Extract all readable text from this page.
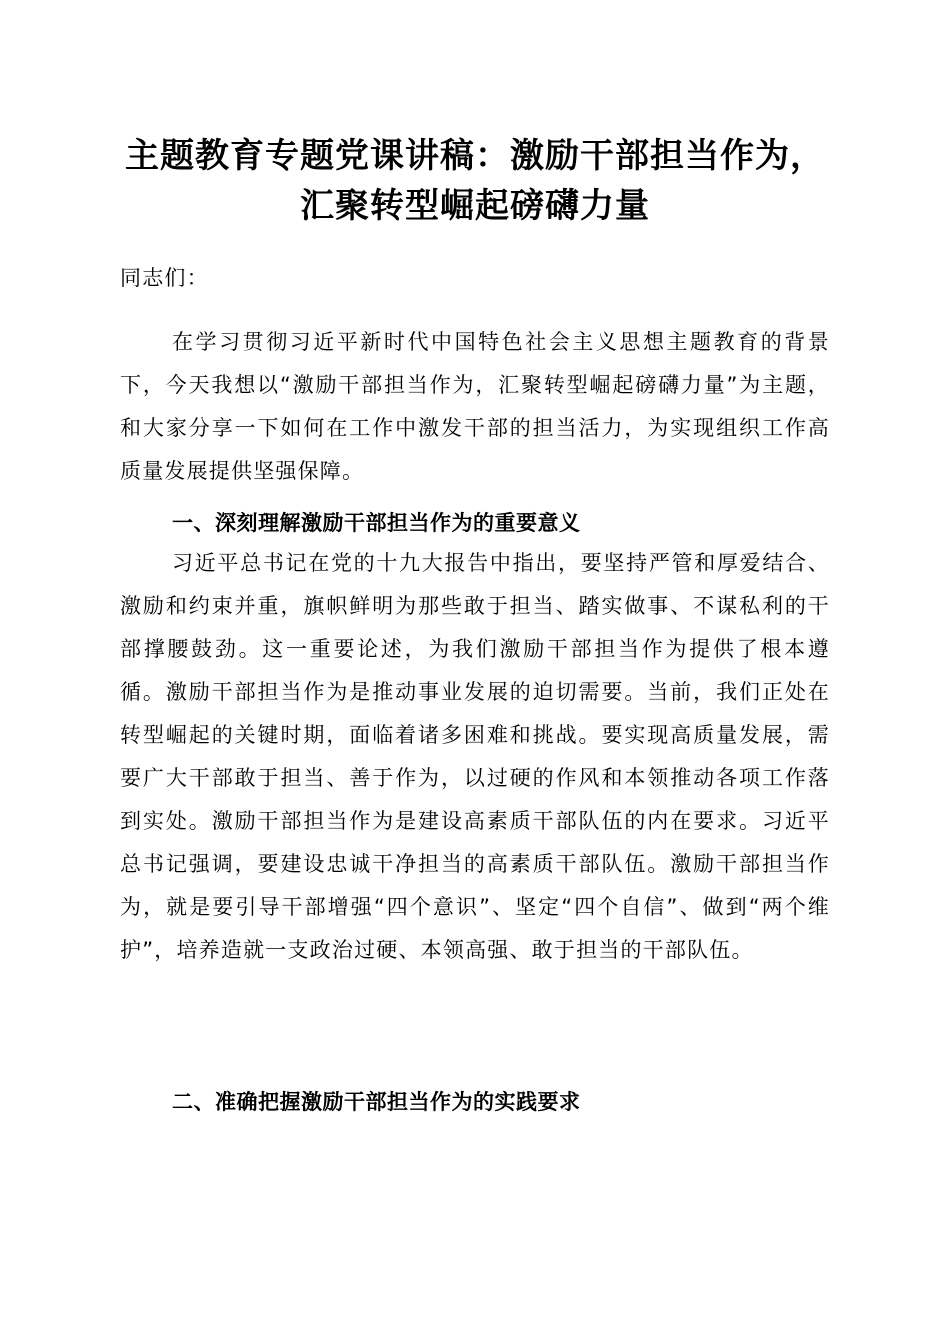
主题教育专题党课讲稿：激励干部担当作为，
汇聚转型崛起磅礴力量
同志们：
在学习贯彻习近平新时代中国特色社会主义思想主题教育的背景下，今天我想以“激励干部担当作为，汇聚转型崛起磅礴力量”为主题，和大家分享一下如何在工作中激发干部的担当活力，为实现组织工作高质量发展提供坚强保障。
一、深刻理解激励干部担当作为的重要意义
习近平总书记在党的十九大报告中指出，要坚持严管和厚爱结合、激励和约束并重，旗帜鲜明为那些敢于担当、踏实做事、不谋私利的干部撑腰鼓劲。这一重要论述，为我们激励干部担当作为提供了根本遵循。激励干部担当作为是推动事业发展的迫切需要。当前，我们正处在转型崛起的关键时期，面临着诸多困难和挑战。要实现高质量发展，需要广大干部敢于担当、善于作为，以过硬的作风和本领推动各项工作落到实处。激励干部担当作为是建设高素质干部队伍的内在要求。习近平总书记强调，要建设忠诚干净担当的高素质干部队伍。激励干部担当作为，就是要引导干部增强“四个意识”、坚定“四个自信”、做到“两个维护”，培养造就一支政治过硬、本领高强、敢于担当的干部队伍。
二、准确把握激励干部担当作为的实践要求
